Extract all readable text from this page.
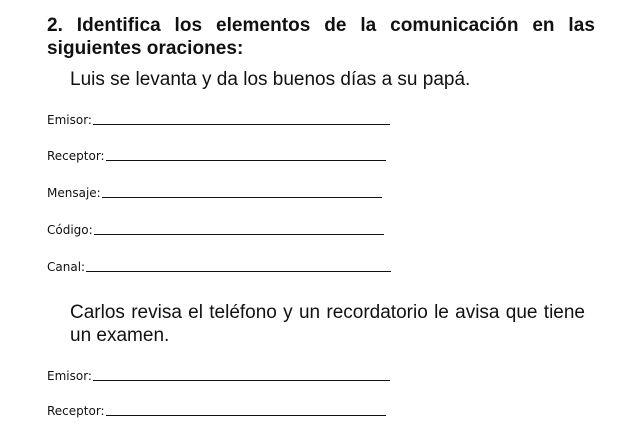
2. Identifica los elementos de la comunicación en las siguientes oraciones:
Luis se levanta y da los buenos días a su papá.
Emisor:
Receptor:
Mensaje:
Código:
Canal:
Carlos revisa el teléfono y un recordatorio le avisa que tiene un examen.
Emisor:
Receptor:
